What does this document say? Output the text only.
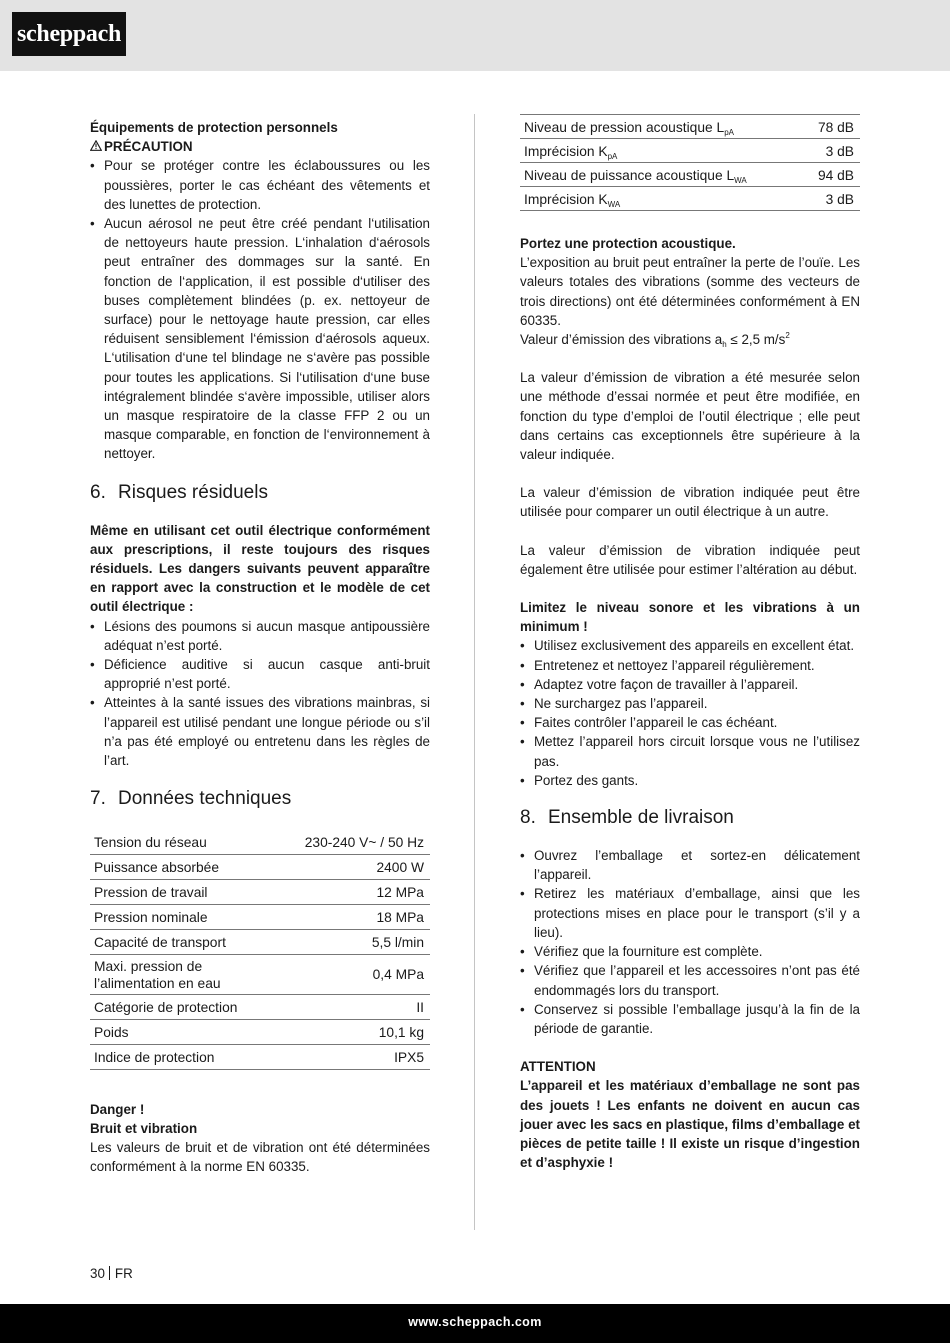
scheppach

Équipements de protection personnels

PRÉCAUTION

• Pour se protéger contre les éclaboussures ou les poussières, porter le cas échéant des vêtements et des lunettes de protection.
• Aucun aérosol ne peut être créé pendant l‘utilisation de nettoyeurs haute pression. L‘inhalation d‘aérosols peut entraîner des dommages sur la santé. En fonction de l‘application, il est possible d‘utiliser des buses complètement blindées (p. ex. nettoyeur de surface) pour le nettoyage haute pression, car elles réduisent sensiblement l‘émission d‘aérosols aqueux. L‘utilisation d‘une tel blindage ne s‘avère pas possible pour toutes les applications. Si l‘utilisation d‘une buse intégralement blindée s‘avère impossible, utiliser alors un masque respiratoire de la classe FFP 2 ou un masque comparable, en fonction de l‘environnement à nettoyer.
6. Risques résiduels

Même en utilisant cet outil électrique conformément aux prescriptions, il reste toujours des risques résiduels. Les dangers suivants peuvent apparaître en rapport avec la construction et le modèle de cet outil électrique :

• Lésions des poumons si aucun masque antipoussière adéquat n’est porté.
• Déficience auditive si aucun casque anti-bruit approprié n’est porté.
• Atteintes à la santé issues des vibrations mainbras, si l’appareil est utilisé pendant une longue période ou s’il n’a pas été employé ou entretenu dans les règles de l’art.
7. Données techniques
Tension du réseau	230-240 V~ / 50 Hz
Puissance absorbée	2400 W
Pression de travail	12 MPa
Pression nominale	18 MPa
Capacité de transport	5,5 l/min
Maxi. pression de l’alimentation en eau	0,4 MPa
Catégorie de protection	II
Poids	10,1 kg
Indice de protection	IPX5

Danger !

Bruit et vibration

Les valeurs de bruit et de vibration ont été déterminées conformément à la norme EN 60335.

Niveau de pression acoustique $L_{pA}$	78 dB
Imprécision $K_{pA}$	3 dB
Niveau de puissance acoustique $L_{WA}$	94 dB
Imprécision $K_{WA}$	3 dB

Portez une protection acoustique.

L’exposition au bruit peut entraîner la perte de l’ouïe. Les valeurs totales des vibrations (somme des vecteurs de trois directions) ont été déterminées conformément à EN 60335.

Valeur d’émission des vibrations $a_h \le 2,5$ $m/s^2$

La valeur d’émission de vibration a été mesurée selon une méthode d’essai normée et peut être modifiée, en fonction du type d’emploi de l’outil électrique ; elle peut dans certains cas exceptionnels être supérieure à la valeur indiquée.

La valeur d’émission de vibration indiquée peut être utilisée pour comparer un outil électrique à un autre.

La valeur d’émission de vibration indiquée peut également être utilisée pour estimer l’altération au début.

Limitez le niveau sonore et les vibrations à un minimum !

• Utilisez exclusivement des appareils en excellent état.
• Entretenez et nettoyez l’appareil régulièrement.
• Adaptez votre façon de travailler à l’appareil.
• Ne surchargez pas l’appareil.
• Faites contrôler l’appareil le cas échéant.
• Mettez l’appareil hors circuit lorsque vous ne l’utilisez pas.
• Portez des gants.
8. Ensemble de livraison
• Ouvrez l’emballage et sortez-en délicatement l’appareil.
• Retirez les matériaux d’emballage, ainsi que les protections mises en place pour le transport (s’il y a lieu).
• Vérifiez que la fourniture est complète.
• Vérifiez que l’appareil et les accessoires n’ont pas été endommagés lors du transport.
• Conservez si possible l’emballage jusqu’à la fin de la période de garantie.

ATTENTION

L’appareil et les matériaux d’emballage ne sont pas des jouets ! Les enfants ne doivent en aucun cas jouer avec les sacs en plastique, films d’emballage et pièces de petite taille ! Il existe un risque d’ingestion et d’asphyxie !

30 FR
www.scheppach.com
